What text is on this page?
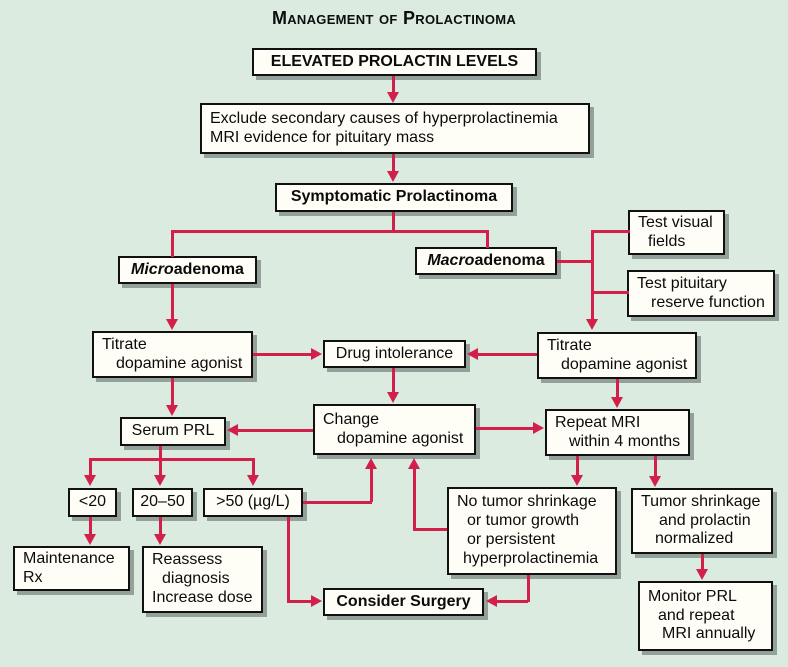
Management of Prolactinoma
ELEVATED PROLACTIN LEVELS
Exclude secondary causes of hyperprolactinemia
MRI evidence for pituitary mass
Symptomatic Prolactinoma
Micro adenoma
Macro adenoma
Test visual
fields
Test pituitary
reserve function
Titrate
dopamine agonist
Drug intolerance	Titrate
dopamine agonist
Serum PRL
Change
dopamine agonist
Repeat MRI
within 4 months
<20 20–50 >50 (µg/L)
Maintenance
Rx
Reassess
diagnosis
Increase dose
No tumor shrinkage
or tumor growth
or persistent
hyperprolactinemia
Tumor shrinkage
and prolactin
normalized
Consider Surgery	Monitor PRL
and repeat
MRI annually
